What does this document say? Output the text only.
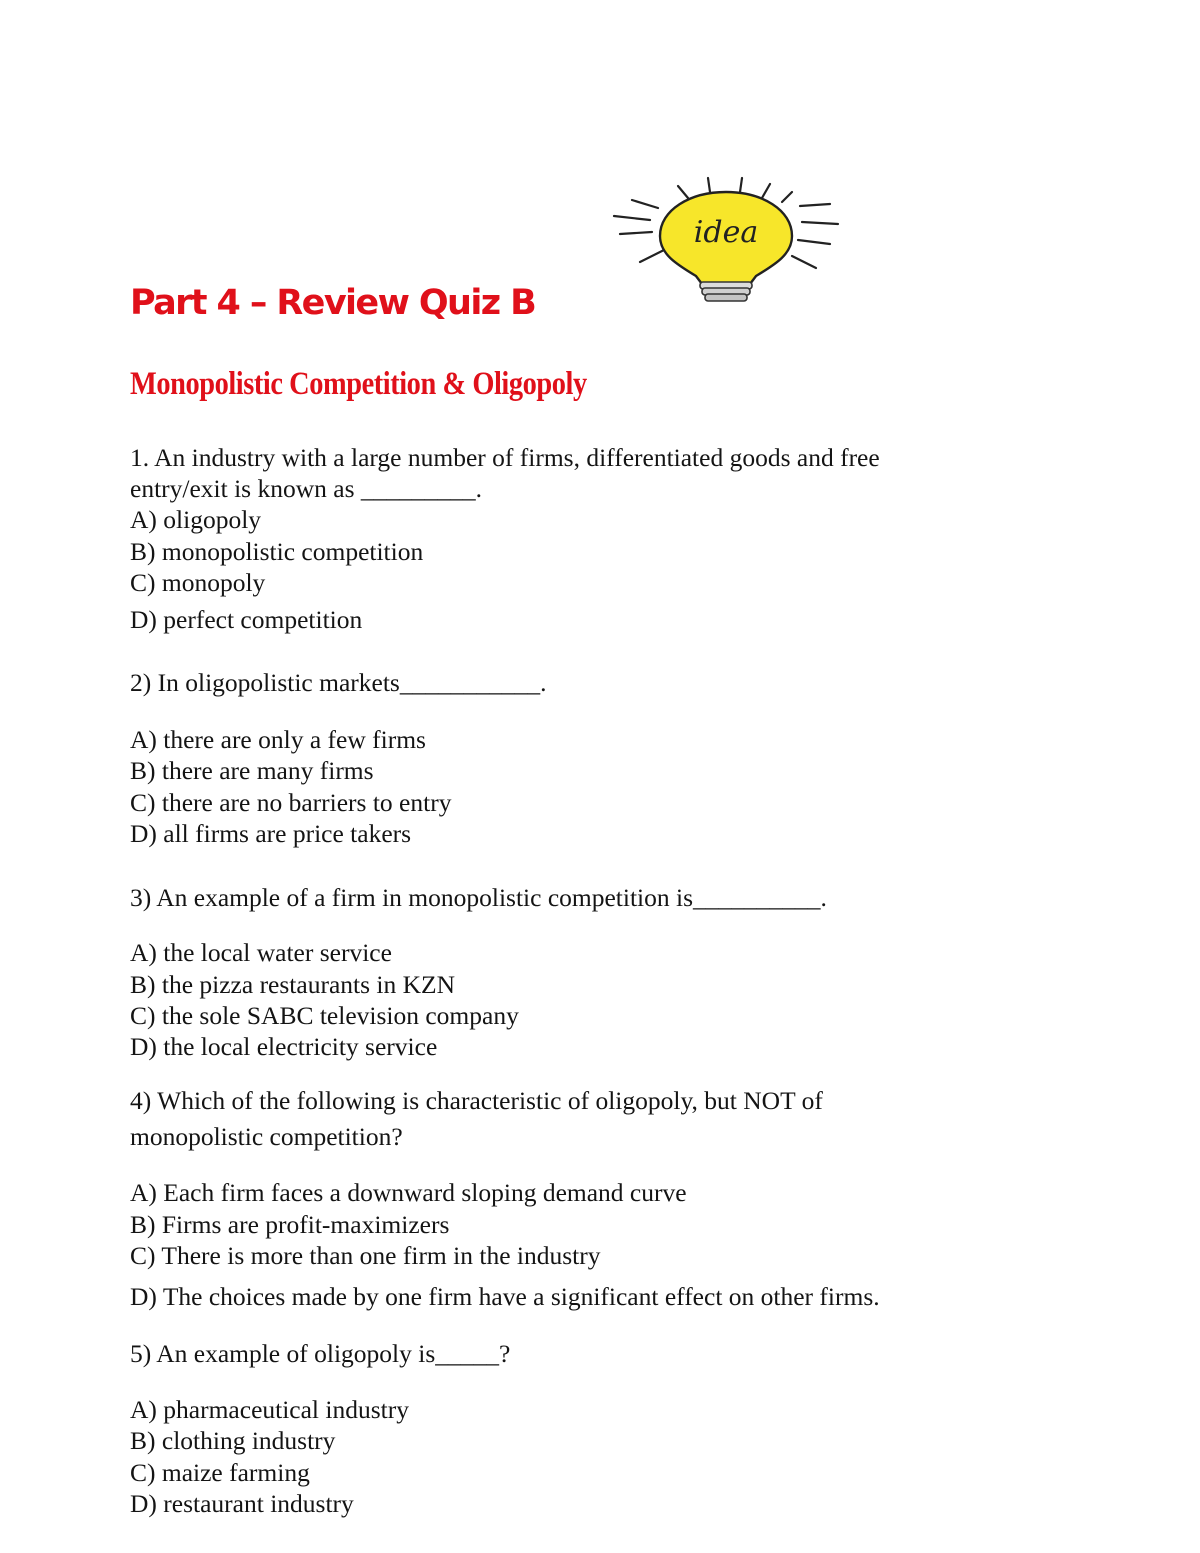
idea
Part 4 – Review Quiz B
Monopolistic Competition & Oligopoly

1. An industry with a large number of firms, differentiated goods and free

entry/exit is known as _________.

A) oligopoly

B) monopolistic competition

C) monopoly

D) perfect competition

2) In oligopolistic markets___________.

A) there are only a few firms

B) there are many firms

C) there are no barriers to entry

D) all firms are price takers

3) An example of a firm in monopolistic competition is__________.

A) the local water service

B) the pizza restaurants in KZN

C) the sole SABC television company

D) the local electricity service

4) Which of the following is characteristic of oligopoly, but NOT of

monopolistic competition?

A) Each firm faces a downward sloping demand curve

B) Firms are profit-maximizers

C) There is more than one firm in the industry

D) The choices made by one firm have a significant effect on other firms.

5) An example of oligopoly is_____?

A) pharmaceutical industry

B) clothing industry

C) maize farming

D) restaurant industry
